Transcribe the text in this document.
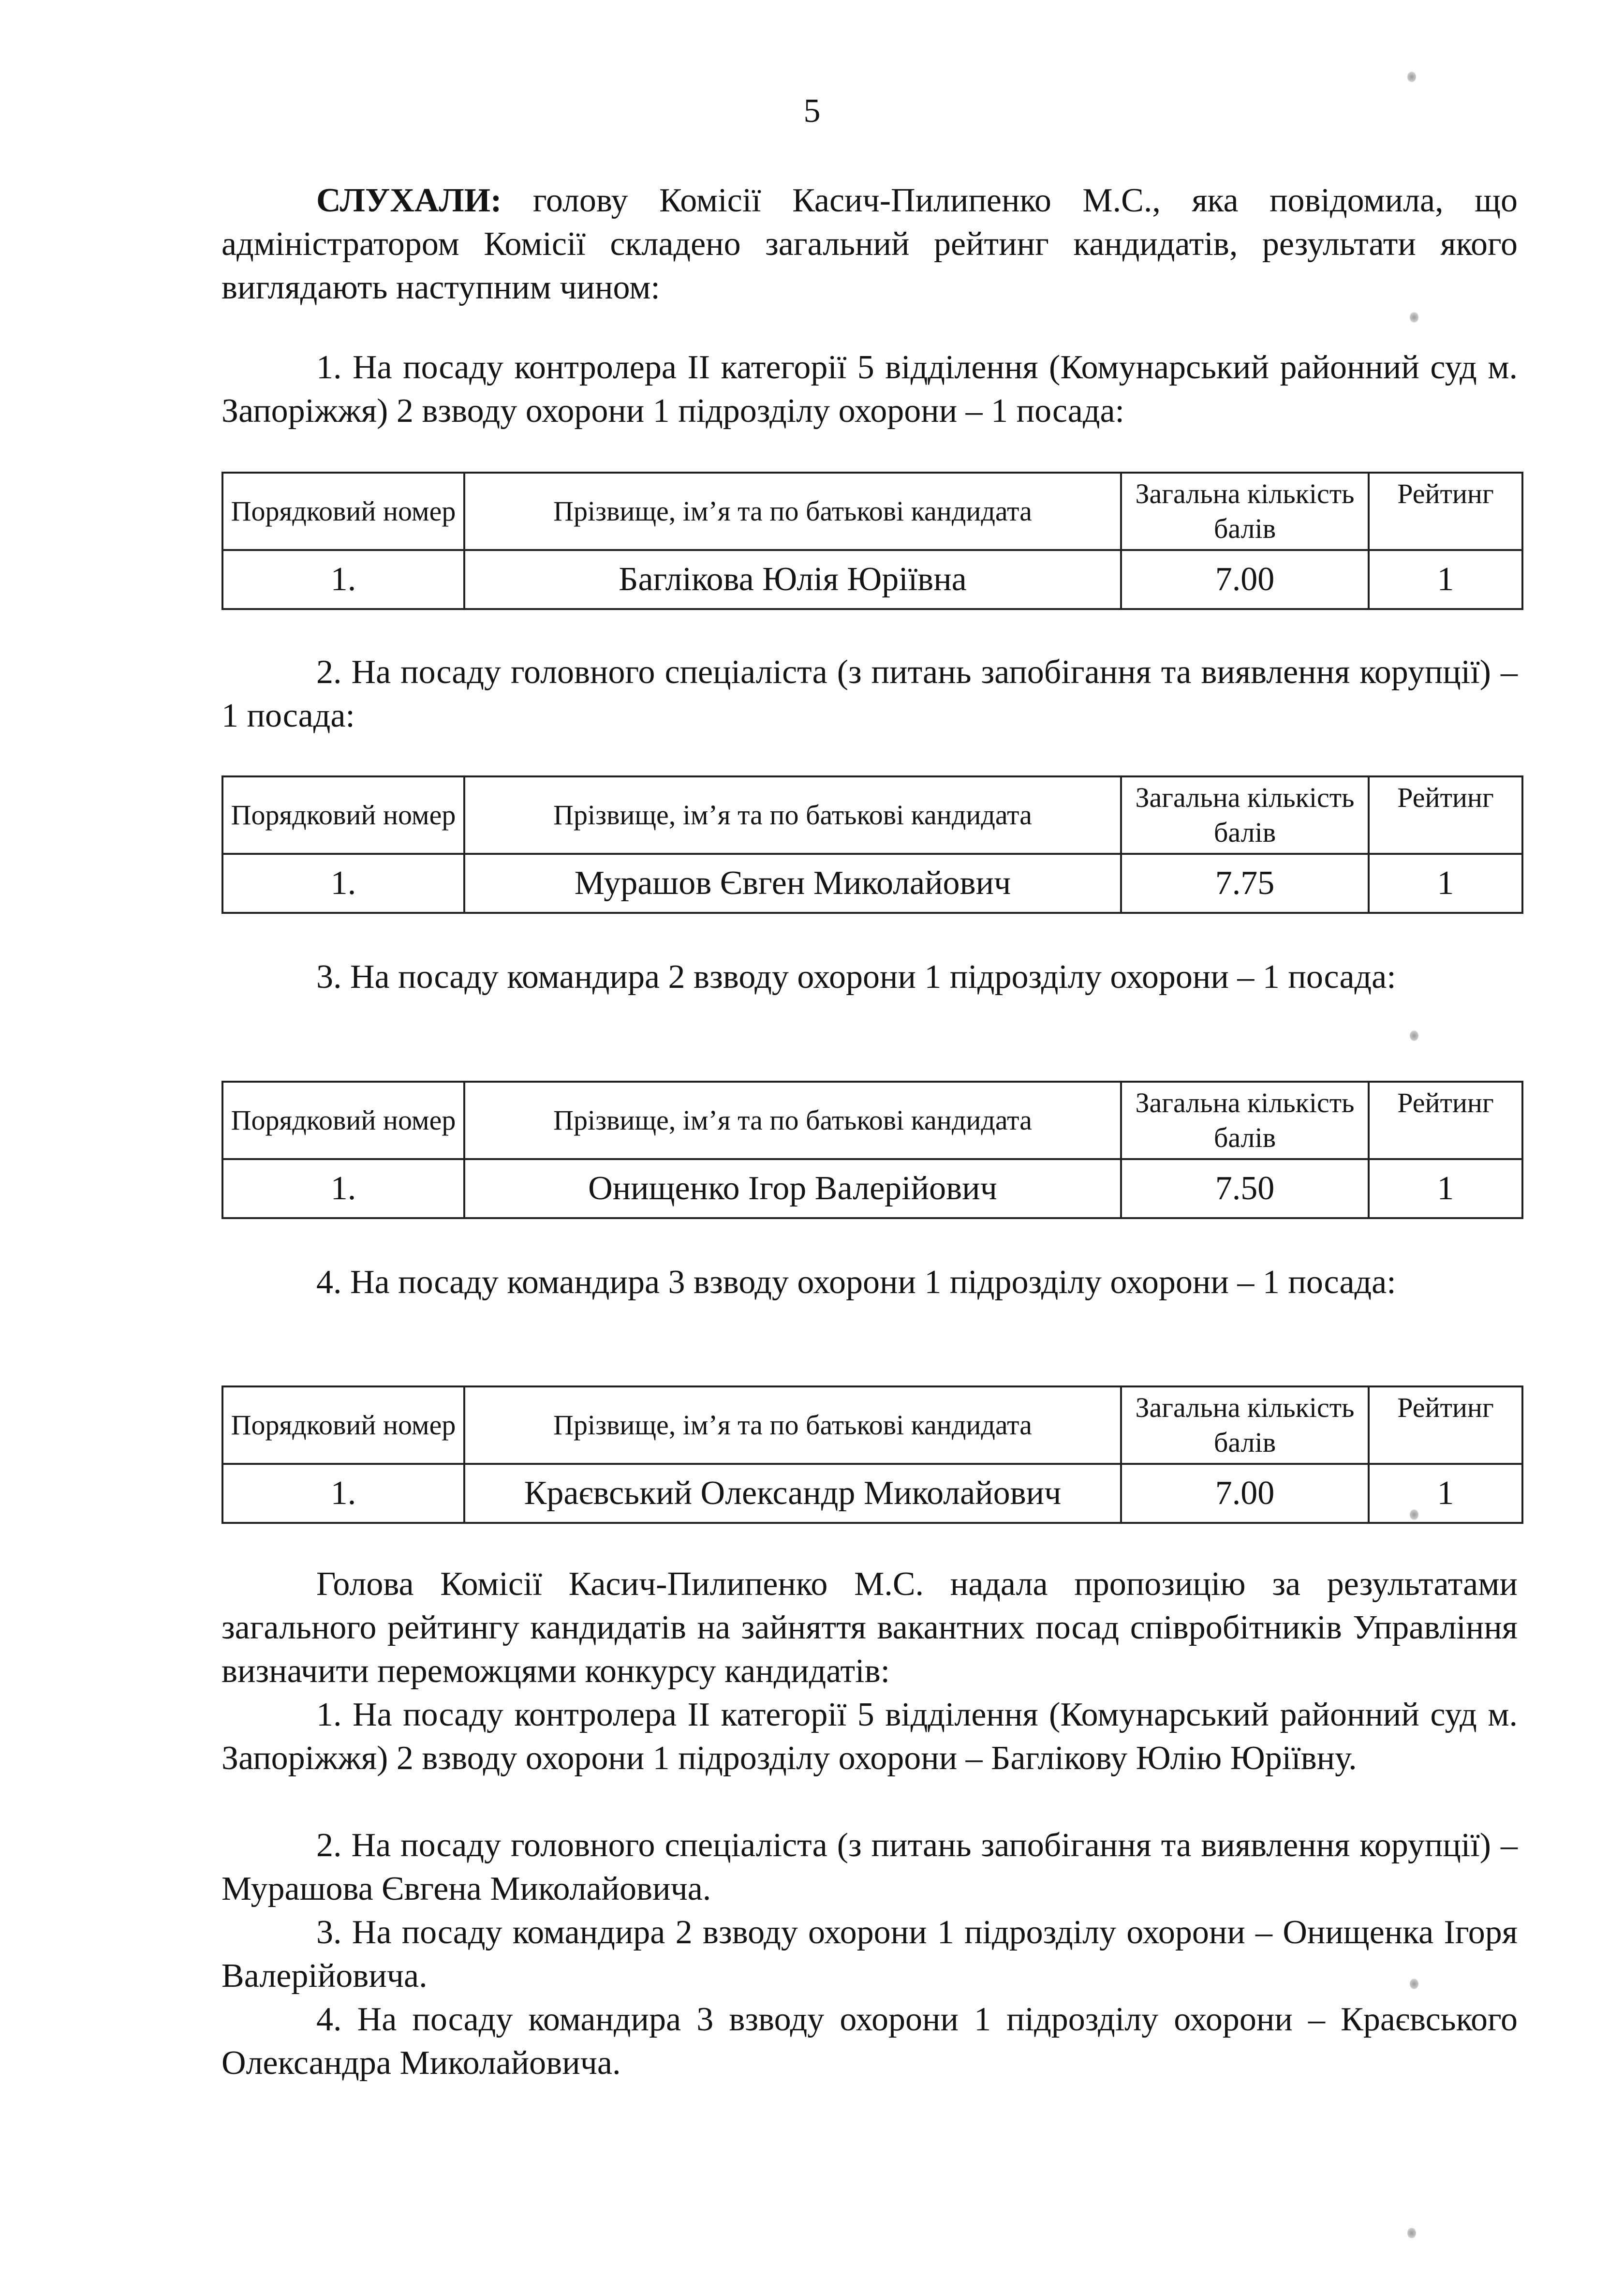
5

СЛУХАЛИ: голову Комісії Касич-Пилипенко М.С., яка повідомила, що адміністратором Комісії складено загальний рейтинг кандидатів, результати якого виглядають наступним чином:

1. На посаду контролера II категорії 5 відділення (Комунарський районний суд м. Запоріжжя) 2 взводу охорони 1 підрозділу охорони – 1 посада:

Порядковий номер	Прізвище, ім’я та по батькові кандидата	Загальна кількість балів	Рейтинг
1.	Баглікова Юлія Юріївна	7.00	1

2. На посаду головного спеціаліста (з питань запобігання та виявлення корупції) – 1 посада:

Порядковий номер	Прізвище, ім’я та по батькові кандидата	Загальна кількість балів	Рейтинг
1.	Мурашов Євген Миколайович	7.75	1

3. На посаду командира 2 взводу охорони 1 підрозділу охорони – 1 посада:

Порядковий номер	Прізвище, ім’я та по батькові кандидата	Загальна кількість балів	Рейтинг
1.	Онищенко Ігор Валерійович	7.50	1

4. На посаду командира 3 взводу охорони 1 підрозділу охорони – 1 посада:

Порядковий номер	Прізвище, ім’я та по батькові кандидата	Загальна кількість балів	Рейтинг
1.	Краєвський Олександр Миколайович	7.00	1

Голова Комісії Касич-Пилипенко М.С. надала пропозицію за результатами загального рейтингу кандидатів на зайняття вакантних посад співробітників Управління визначити переможцями конкурсу кандидатів:

1. На посаду контролера II категорії 5 відділення (Комунарський районний суд м. Запоріжжя) 2 взводу охорони 1 підрозділу охорони – Баглікову Юлію Юріївну.

2. На посаду головного спеціаліста (з питань запобігання та виявлення корупції) – Мурашова Євгена Миколайовича.

3. На посаду командира 2 взводу охорони 1 підрозділу охорони – Онищенка Ігоря Валерійовича.

4. На посаду командира 3 взводу охорони 1 підрозділу охорони – Краєвського Олександра Миколайовича.
